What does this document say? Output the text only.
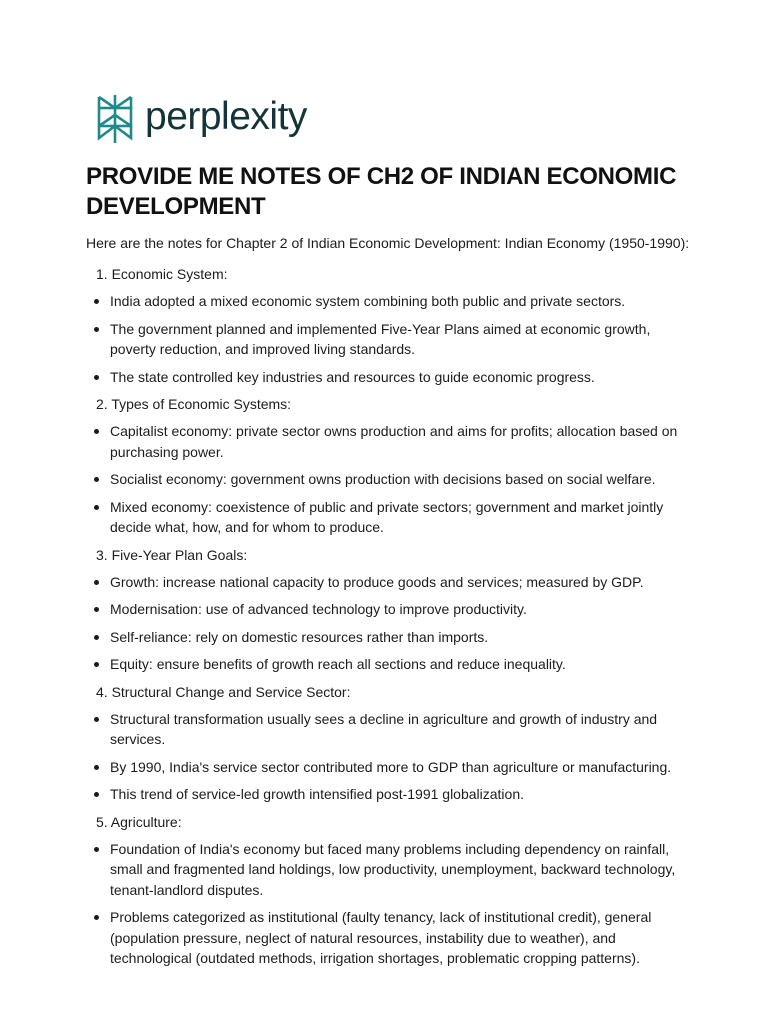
perplexity
PROVIDE ME NOTES OF CH2 OF INDIAN ECONOMIC DEVELOPMENT

Here are the notes for Chapter 2 of Indian Economic Development: Indian Economy (1950-1990):

1. Economic System:
India adopted a mixed economic system combining both public and private sectors.
The government planned and implemented Five-Year Plans aimed at economic growth, poverty reduction, and improved living standards.
The state controlled key industries and resources to guide economic progress.
2. Types of Economic Systems:
Capitalist economy: private sector owns production and aims for profits; allocation based on purchasing power.
Socialist economy: government owns production with decisions based on social welfare.
Mixed economy: coexistence of public and private sectors; government and market jointly decide what, how, and for whom to produce.
3. Five-Year Plan Goals:
Growth: increase national capacity to produce goods and services; measured by GDP.
Modernisation: use of advanced technology to improve productivity.
Self-reliance: rely on domestic resources rather than imports.
Equity: ensure benefits of growth reach all sections and reduce inequality.
4. Structural Change and Service Sector:
Structural transformation usually sees a decline in agriculture and growth of industry and services.
By 1990, India's service sector contributed more to GDP than agriculture or manufacturing.
This trend of service-led growth intensified post-1991 globalization.
5. Agriculture:
Foundation of India's economy but faced many problems including dependency on rainfall, small and fragmented land holdings, low productivity, unemployment, backward technology, tenant-landlord disputes.
Problems categorized as institutional (faulty tenancy, lack of institutional credit), general (population pressure, neglect of natural resources, instability due to weather), and technological (outdated methods, irrigation shortages, problematic cropping patterns).
